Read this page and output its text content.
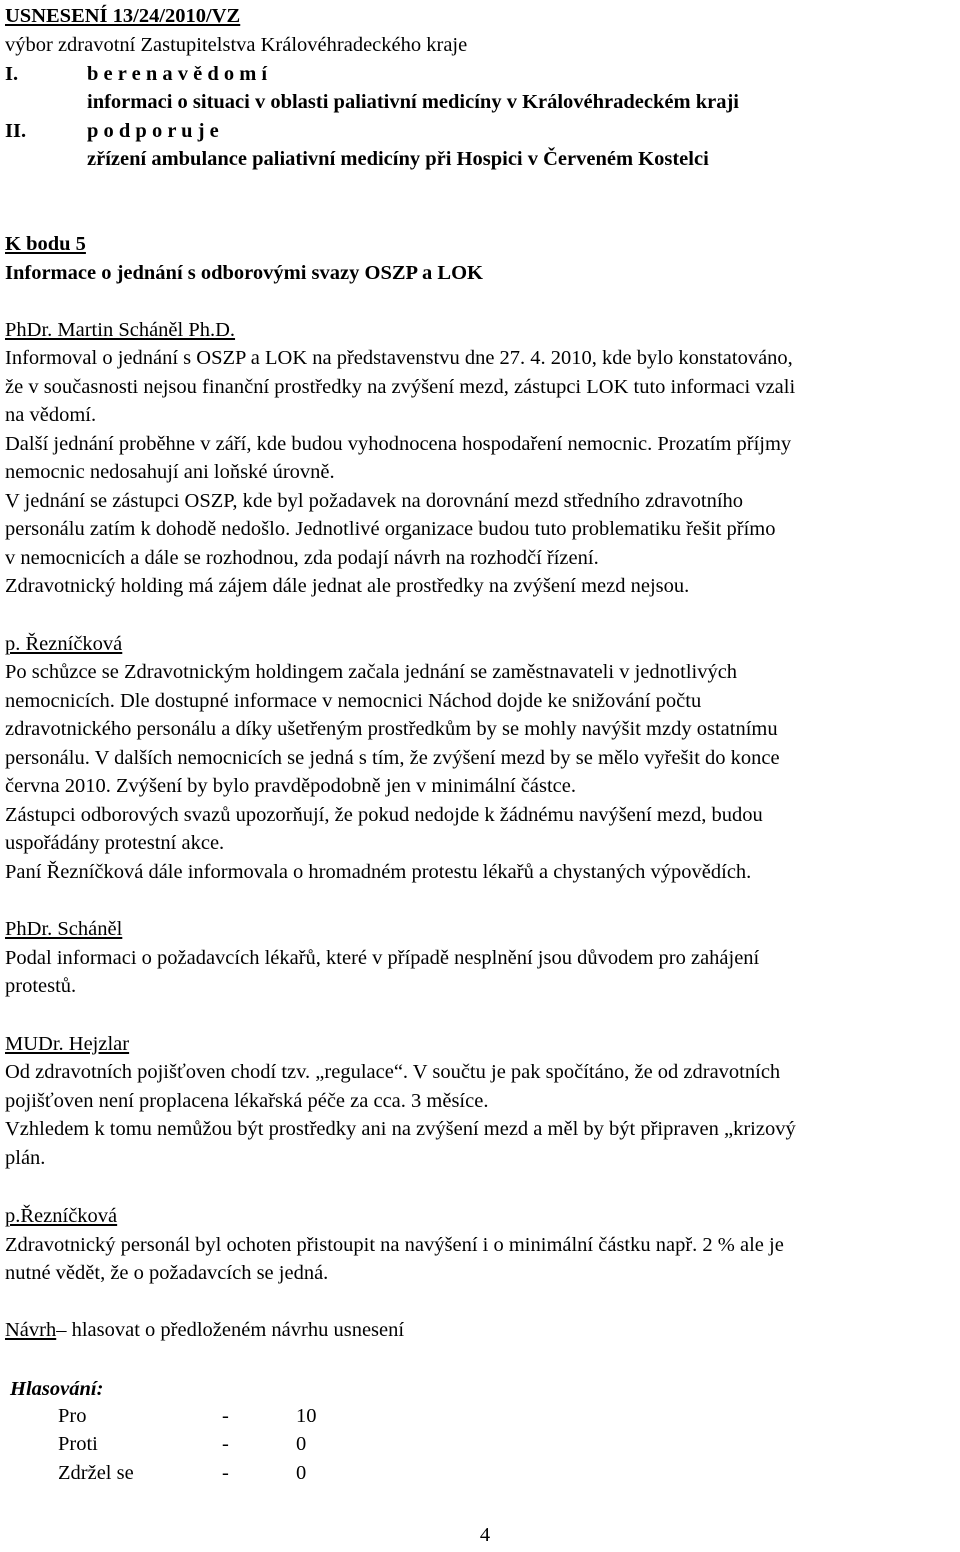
USNESENÍ 13/24/2010/VZ
výbor zdravotní Zastupitelstva Královéhradeckého kraje
I.	b e r e n a v ě d o m í
informaci o situaci v oblasti paliativní medicíny v Královéhradeckém kraji
II.	p o d p o r u j e
zřízení ambulance paliativní medicíny při Hospici v Červeném Kostelci
K bodu 5
Informace o jednání s odborovými svazy OSZP a LOK
PhDr. Martin Scháněl Ph.D.
Informoval o jednání s OSZP a LOK na představenstvu dne 27. 4. 2010, kde bylo konstatováno,
že v současnosti nejsou finanční prostředky na zvýšení mezd, zástupci LOK tuto informaci vzali
na vědomí.
Další jednání proběhne v září, kde budou vyhodnocena hospodaření nemocnic. Prozatím příjmy
nemocnic nedosahují ani loňské úrovně.
V jednání se zástupci OSZP, kde byl požadavek na dorovnání mezd středního zdravotního
personálu zatím k dohodě nedošlo. Jednotlivé organizace budou tuto problematiku řešit přímo
v nemocnicích a dále se rozhodnou, zda podají návrh na rozhodčí řízení.
Zdravotnický holding má zájem dále jednat ale prostředky na zvýšení mezd nejsou.
p. Řezníčková
Po schůzce se Zdravotnickým holdingem začala jednání se zaměstnavateli v jednotlivých
nemocnicích. Dle dostupné informace v nemocnici Náchod dojde ke snižování počtu
zdravotnického personálu a díky ušetřeným prostředkům by se mohly navýšit mzdy ostatnímu
personálu. V dalších nemocnicích se jedná s tím, že zvýšení mezd by se mělo vyřešit do konce
června 2010. Zvýšení by bylo pravděpodobně jen v minimální částce.
Zástupci odborových svazů upozorňují, že pokud nedojde k žádnému navýšení mezd, budou
uspořádány protestní akce.
Paní Řezníčková dále informovala o hromadném protestu lékařů a chystaných výpovědích.
PhDr. Scháněl
Podal informaci o požadavcích lékařů, které v případě nesplnění jsou důvodem pro zahájení
protestů.
MUDr. Hejzlar
Od zdravotních pojišťoven chodí tzv. „regulace“. V součtu je pak spočítáno, že od zdravotních
pojišťoven není proplacena lékařská péče za cca. 3 měsíce.
Vzhledem k tomu nemůžou být prostředky ani na zvýšení mezd a měl by být připraven „krizový
plán.
p.Řezníčková
Zdravotnický personál byl ochoten přistoupit na navýšení i o minimální částku např. 2 % ale je
nutné vědět, že o požadavcích se jedná.
Návrh– hlasovat o předloženém návrhu usnesení
Hlasování:
Pro	-	10
Proti	-	0
Zdržel se	-	0
4
